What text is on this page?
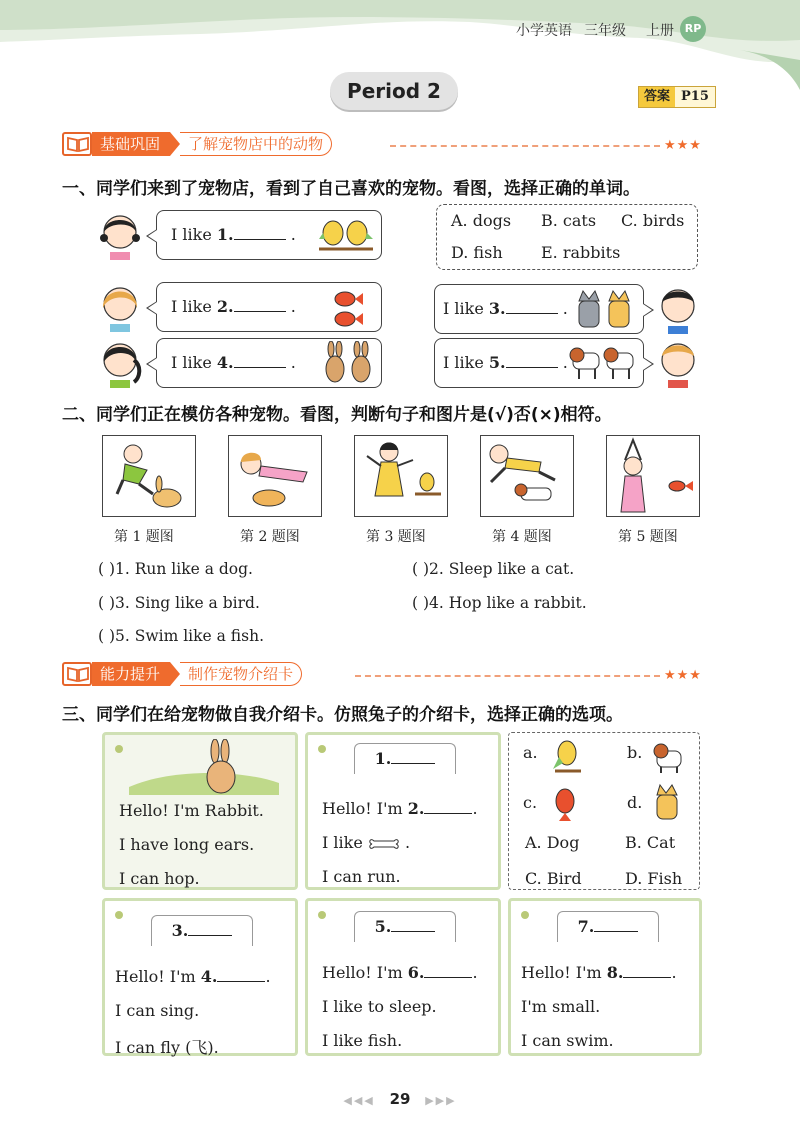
小学英语 三年级 上册 RP
Period 2	答案 P15
基础巩固	了解宠物店中的动物	★★★
一、同学们来到了宠物店，看到了自己喜欢的宠物。看图，选择正确的单词。
I like 1.	.
A. dogs B. cats C. birds
D. fish E. rabbits
I like 2.	.	I like 3.	.
I like 4.	.	I like 5.	.
二、同学们正在模仿各种宠物。看图，判断句子和图片是(√)否(×)相符。
第 1 题图	第 2 题图	第 3 题图	第 4 题图	第 5 题图
( )1. Run like a dog.	( )2. Sleep like a cat.
( )3. Sing like a bird.	( )4. Hop like a rabbit.
( )5. Swim like a fish.
能力提升	制作宠物介绍卡	★★★
三、同学们在给宠物做自我介绍卡。仿照兔子的介绍卡，选择正确的选项。
Hello! I'm Rabbit.
I have long ears.
I can hop.
1.
Hello! I'm 2.	.
I like  .
I can run.
a.	b.
c.	d.
A. Dog	B. Cat
C. Bird	D. Fish
3.
Hello! I'm 4.	.
I can sing.
I can fly (飞).
5.
Hello! I'm 6.	.
I like to sleep.
I like fish.
7.
Hello! I'm 8.	.
I'm small.
I can swim.
◀◀◀ 29 ▶▶▶
